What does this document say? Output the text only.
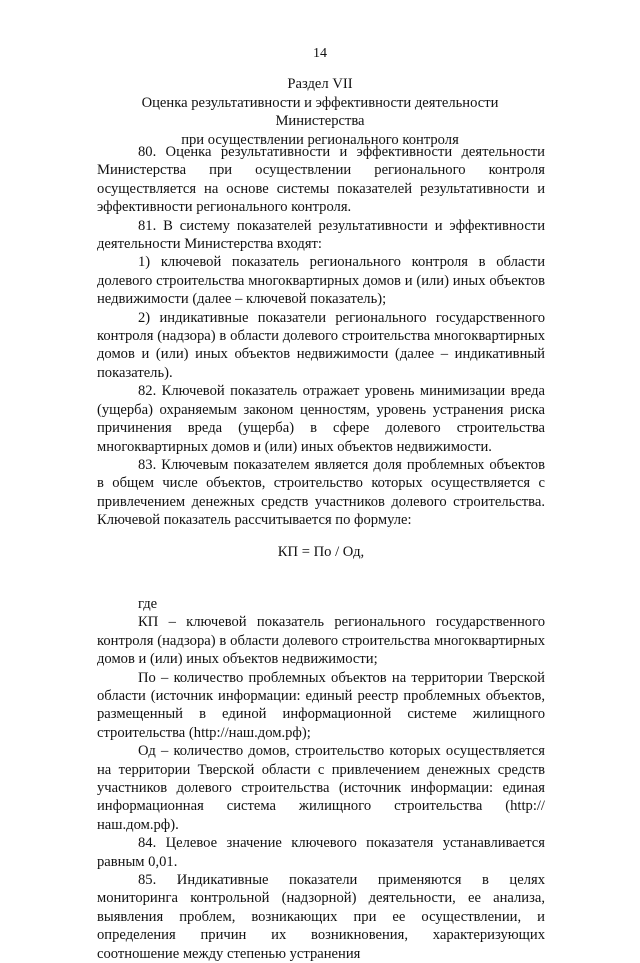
14
Раздел VII
Оценка результативности и эффективности деятельности Министерства
при осуществлении регионального контроля

80. Оценка результативности и эффективности деятельности Министерства при осуществлении регионального контроля осуществляется на основе системы показателей результативности и эффективности регионального контроля.

81. В систему показателей результативности и эффективности деятельности Министерства входят:

1) ключевой показатель регионального контроля в области долевого строительства многоквартирных домов и (или) иных объектов недвижимости (далее – ключевой показатель);

2) индикативные показатели регионального государственного контроля (надзора) в области долевого строительства многоквартирных домов и (или) иных объектов недвижимости (далее – индикативный показатель).

82. Ключевой показатель отражает уровень минимизации вреда (ущерба) охраняемым законом ценностям, уровень устранения риска причинения вреда (ущерба) в сфере долевого строительства многоквартирных домов и (или) иных объектов недвижимости.

83. Ключевым показателем является доля проблемных объектов в общем числе объектов, строительство которых осуществляется с привлечением денежных средств участников долевого строительства. Ключевой показатель рассчитывается по формуле:

КП = По / Од,

где

КП – ключевой показатель регионального государственного контроля (надзора) в области долевого строительства многоквартирных домов и (или) иных объектов недвижимости;

По – количество проблемных объектов на территории Тверской области (источник информации: единый реестр проблемных объектов, размещенный в единой информационной системе жилищного строительства (http://наш.дом.рф);

Од – количество домов, строительство которых осуществляется на территории Тверской области с привлечением денежных средств участников долевого строительства (источник информации: единая информационная система жилищного строительства (http://наш.дом.рф).

84. Целевое значение ключевого показателя устанавливается равным 0,01.

85. Индикативные показатели применяются в целях мониторинга контрольной (надзорной) деятельности, ее анализа, выявления проблем, возникающих при ее осуществлении, и определения причин их возникновения, характеризующих соотношение между степенью устранения
